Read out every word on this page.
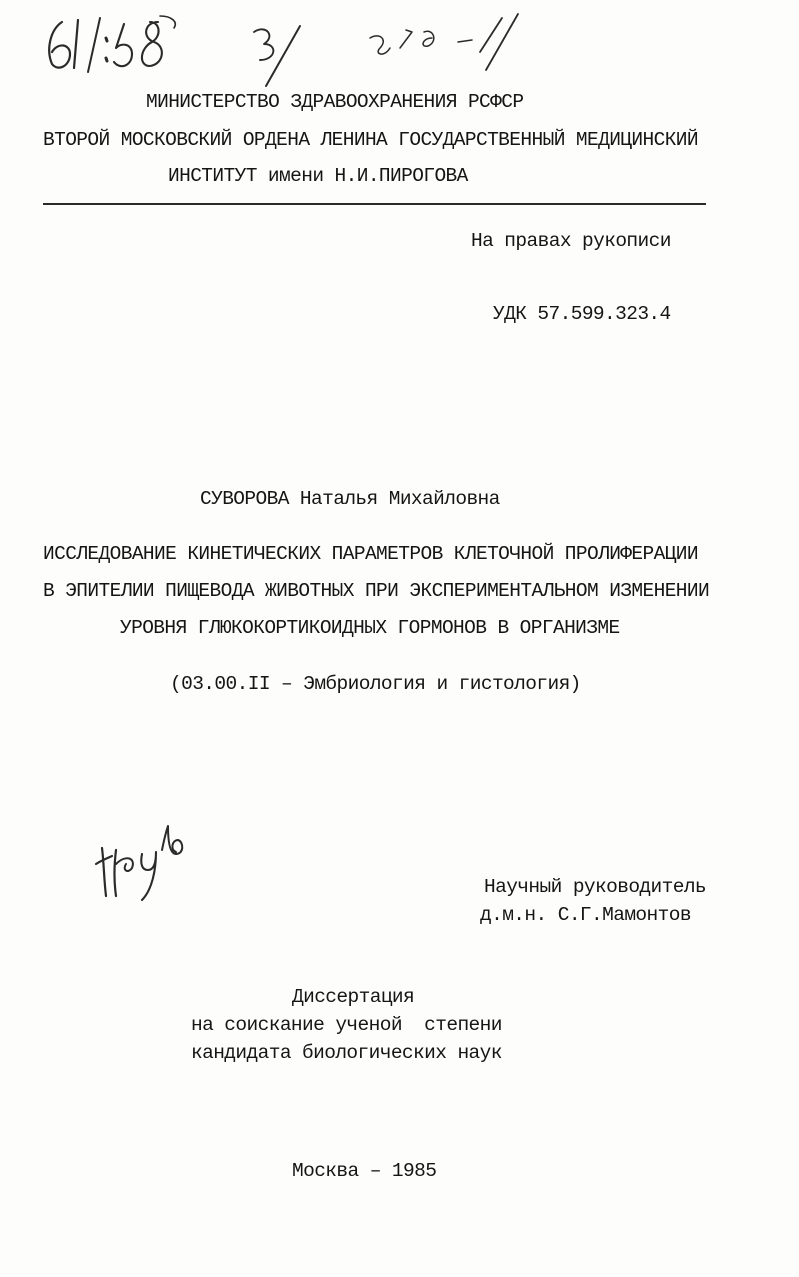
МИНИСТЕРСТВО ЗДРАВООХРАНЕНИЯ РСФСР
ВТОРОЙ МОСКОВСКИЙ ОРДЕНА ЛЕНИНА ГОСУДАРСТВЕННЫЙ МЕДИЦИНСКИЙ
ИНСТИТУТ имени Н.И.ПИРОГОВА
На правах рукописи
УДК 57.599.323.4
СУВОРОВА Наталья Михайловна
ИССЛЕДОВАНИЕ КИНЕТИЧЕСКИХ ПАРАМЕТРОВ КЛЕТОЧНОЙ ПРОЛИФЕРАЦИИ
В ЭПИТЕЛИИ ПИЩЕВОДА ЖИВОТНЫХ ПРИ ЭКСПЕРИМЕНТАЛЬНОМ ИЗМЕНЕНИИ
УРОВНЯ ГЛЮКОКОРТИКОИДНЫХ ГОРМОНОВ В ОРГАНИЗМЕ
(03.00.II – Эмбриология и гистология)
Научный руководитель
д.м.н. С.Г.Мамонтов
Диссертация
на соискание ученой  степени
кандидата биологических наук
Москва – 1985
